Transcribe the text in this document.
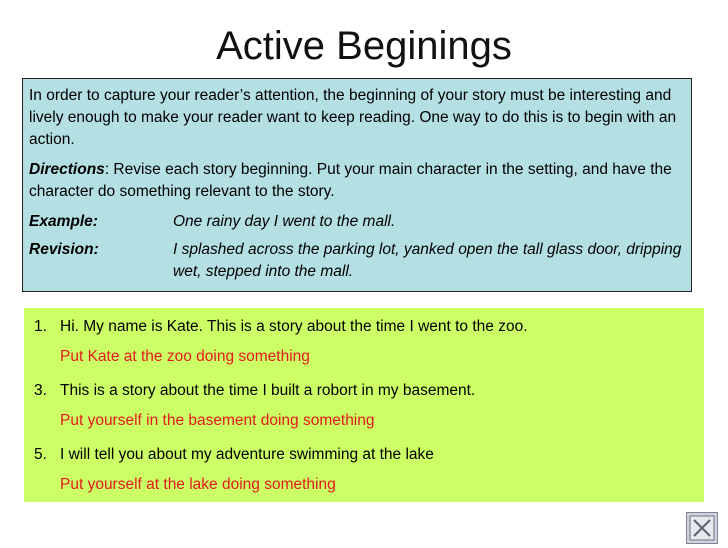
Active Beginings

In order to capture your reader’s attention, the beginning of your story must be interesting and lively enough to make your reader want to keep reading. One way to do this is to begin with an action.

Directions: Revise each story beginning. Put your main character in the setting, and have the character do something relevant to the story.

Example:	One rainy day I went to the mall.
Revision:	I splashed across the parking lot, yanked open the tall glass door, dripping wet, stepped into the mall.
1. Hi. My name is Kate. This is a story about the time I went to the zoo.
Put Kate at the zoo doing something
3. This is a story about the time I built a robort in my basement.
Put yourself in the basement doing something
5. I will tell you about my adventure swimming at the lake
Put yourself at the lake doing something
